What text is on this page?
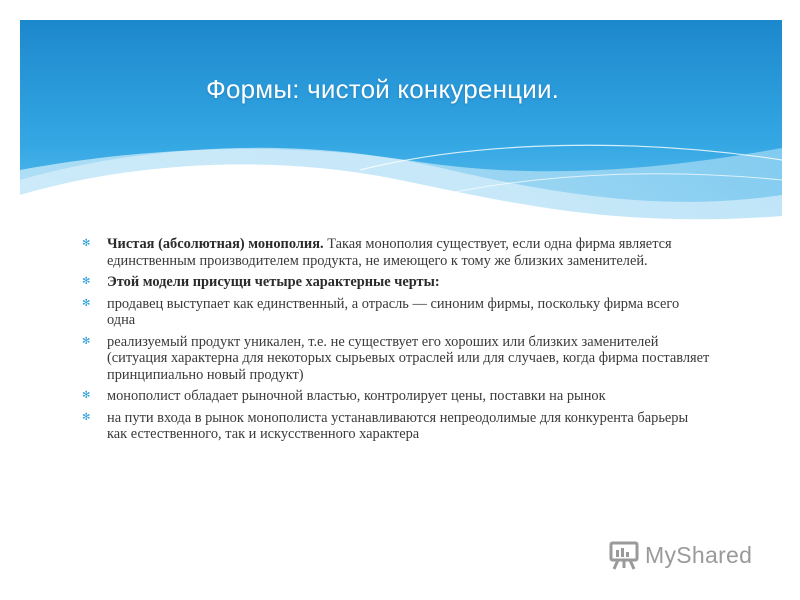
Формы: чистой конкуренции.
✻	Чистая (абсолютная) монополия. Такая монополия существует, если одна фирма является единственным производителем продукта, не имеющего к тому же близких заменителей.
✻	Этой модели присущи четыре характерные черты:
✻	продавец выступает как единственный, а отрасль — синоним фирмы, поскольку фирма всего одна
✻	реализуемый продукт уникален, т.е. не существует его хороших или близких заменителей (ситуация характерна для некоторых сырьевых отраслей или для случаев, когда фирма поставляет принципиально новый продукт)
✻	монополист обладает рыночной властью, контролирует цены, поставки на рынок
✻	на пути входа в рынок монополиста устанавливаются непреодолимые для конкурента барьеры как естественного, так и искусственного характера
MyShared
